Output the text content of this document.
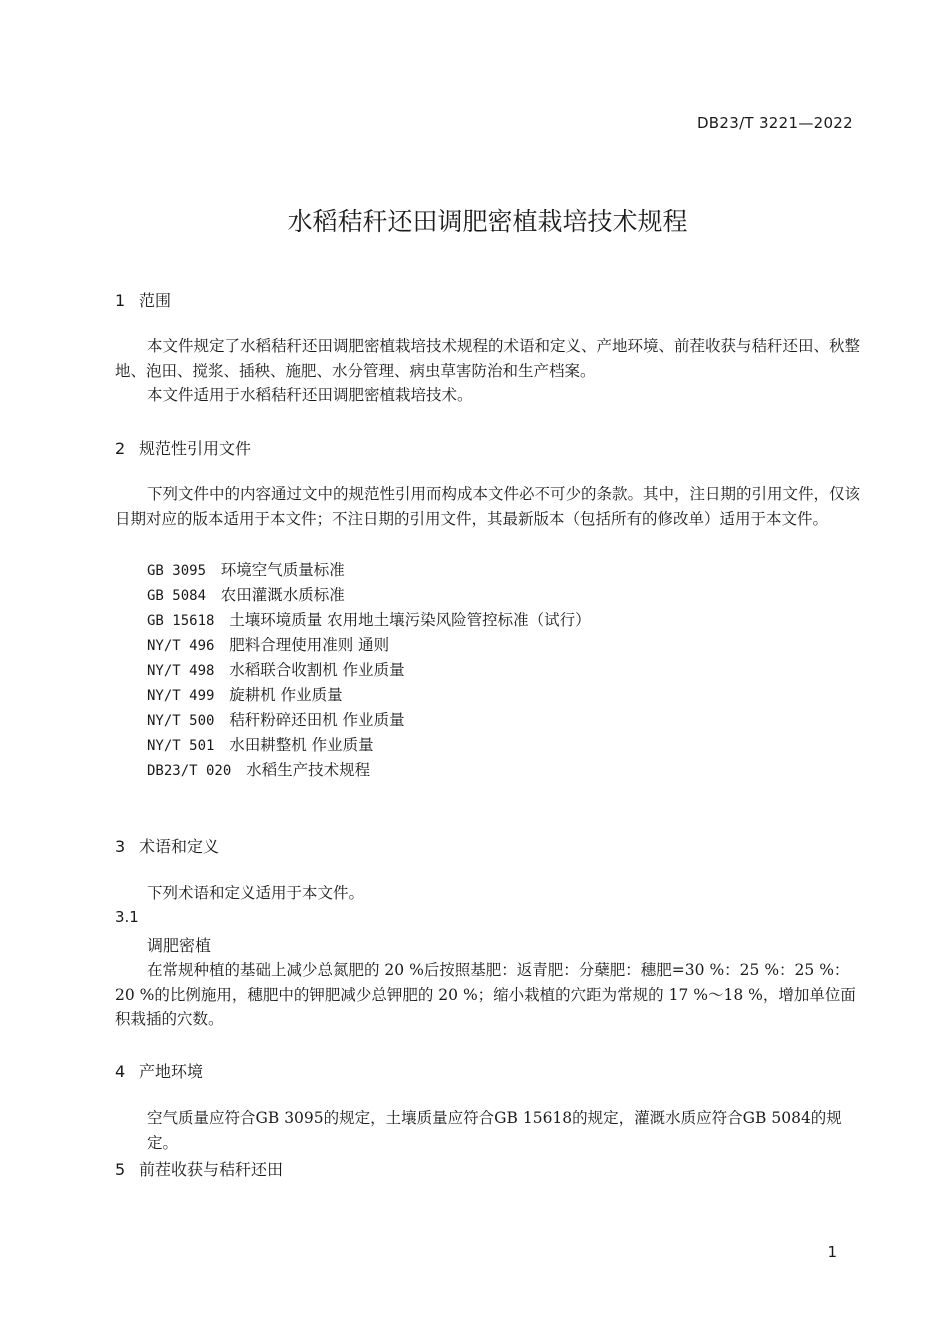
DB23/T 3221—2022
水稻秸秆还田调肥密植栽培技术规程
1 范围
本文件规定了水稻秸秆还田调肥密植栽培技术规程的术语和定义、产地环境、前茬收获与秸秆还田、秋整地、泡田、搅浆、插秧、施肥、水分管理、病虫草害防治和生产档案。
本文件适用于水稻秸秆还田调肥密植栽培技术。
2 规范性引用文件
下列文件中的内容通过文中的规范性引用而构成本文件必不可少的条款。其中，注日期的引用文件，仅该日期对应的版本适用于本文件；不注日期的引用文件，其最新版本（包括所有的修改单）适用于本文件。
GB 3095 环境空气质量标准
GB 5084 农田灌溉水质标准
GB 15618 土壤环境质量 农用地土壤污染风险管控标准（试行）
NY/T 496 肥料合理使用准则 通则
NY/T 498 水稻联合收割机 作业质量
NY/T 499 旋耕机 作业质量
NY/T 500 秸秆粉碎还田机 作业质量
NY/T 501 水田耕整机 作业质量
DB23/T 020 水稻生产技术规程
3 术语和定义
下列术语和定义适用于本文件。
3.1
调肥密植
在常规种植的基础上减少总氮肥的 20 %后按照基肥：返青肥：分蘖肥：穗肥=30 %：25 %：25 %：20 %的比例施用，穗肥中的钾肥减少总钾肥的 20 %；缩小栽植的穴距为常规的 17 %～18 %，增加单位面积栽插的穴数。
4 产地环境
空气质量应符合GB 3095的规定，土壤质量应符合GB 15618的规定，灌溉水质应符合GB 5084的规定。
5 前茬收获与秸秆还田
1
